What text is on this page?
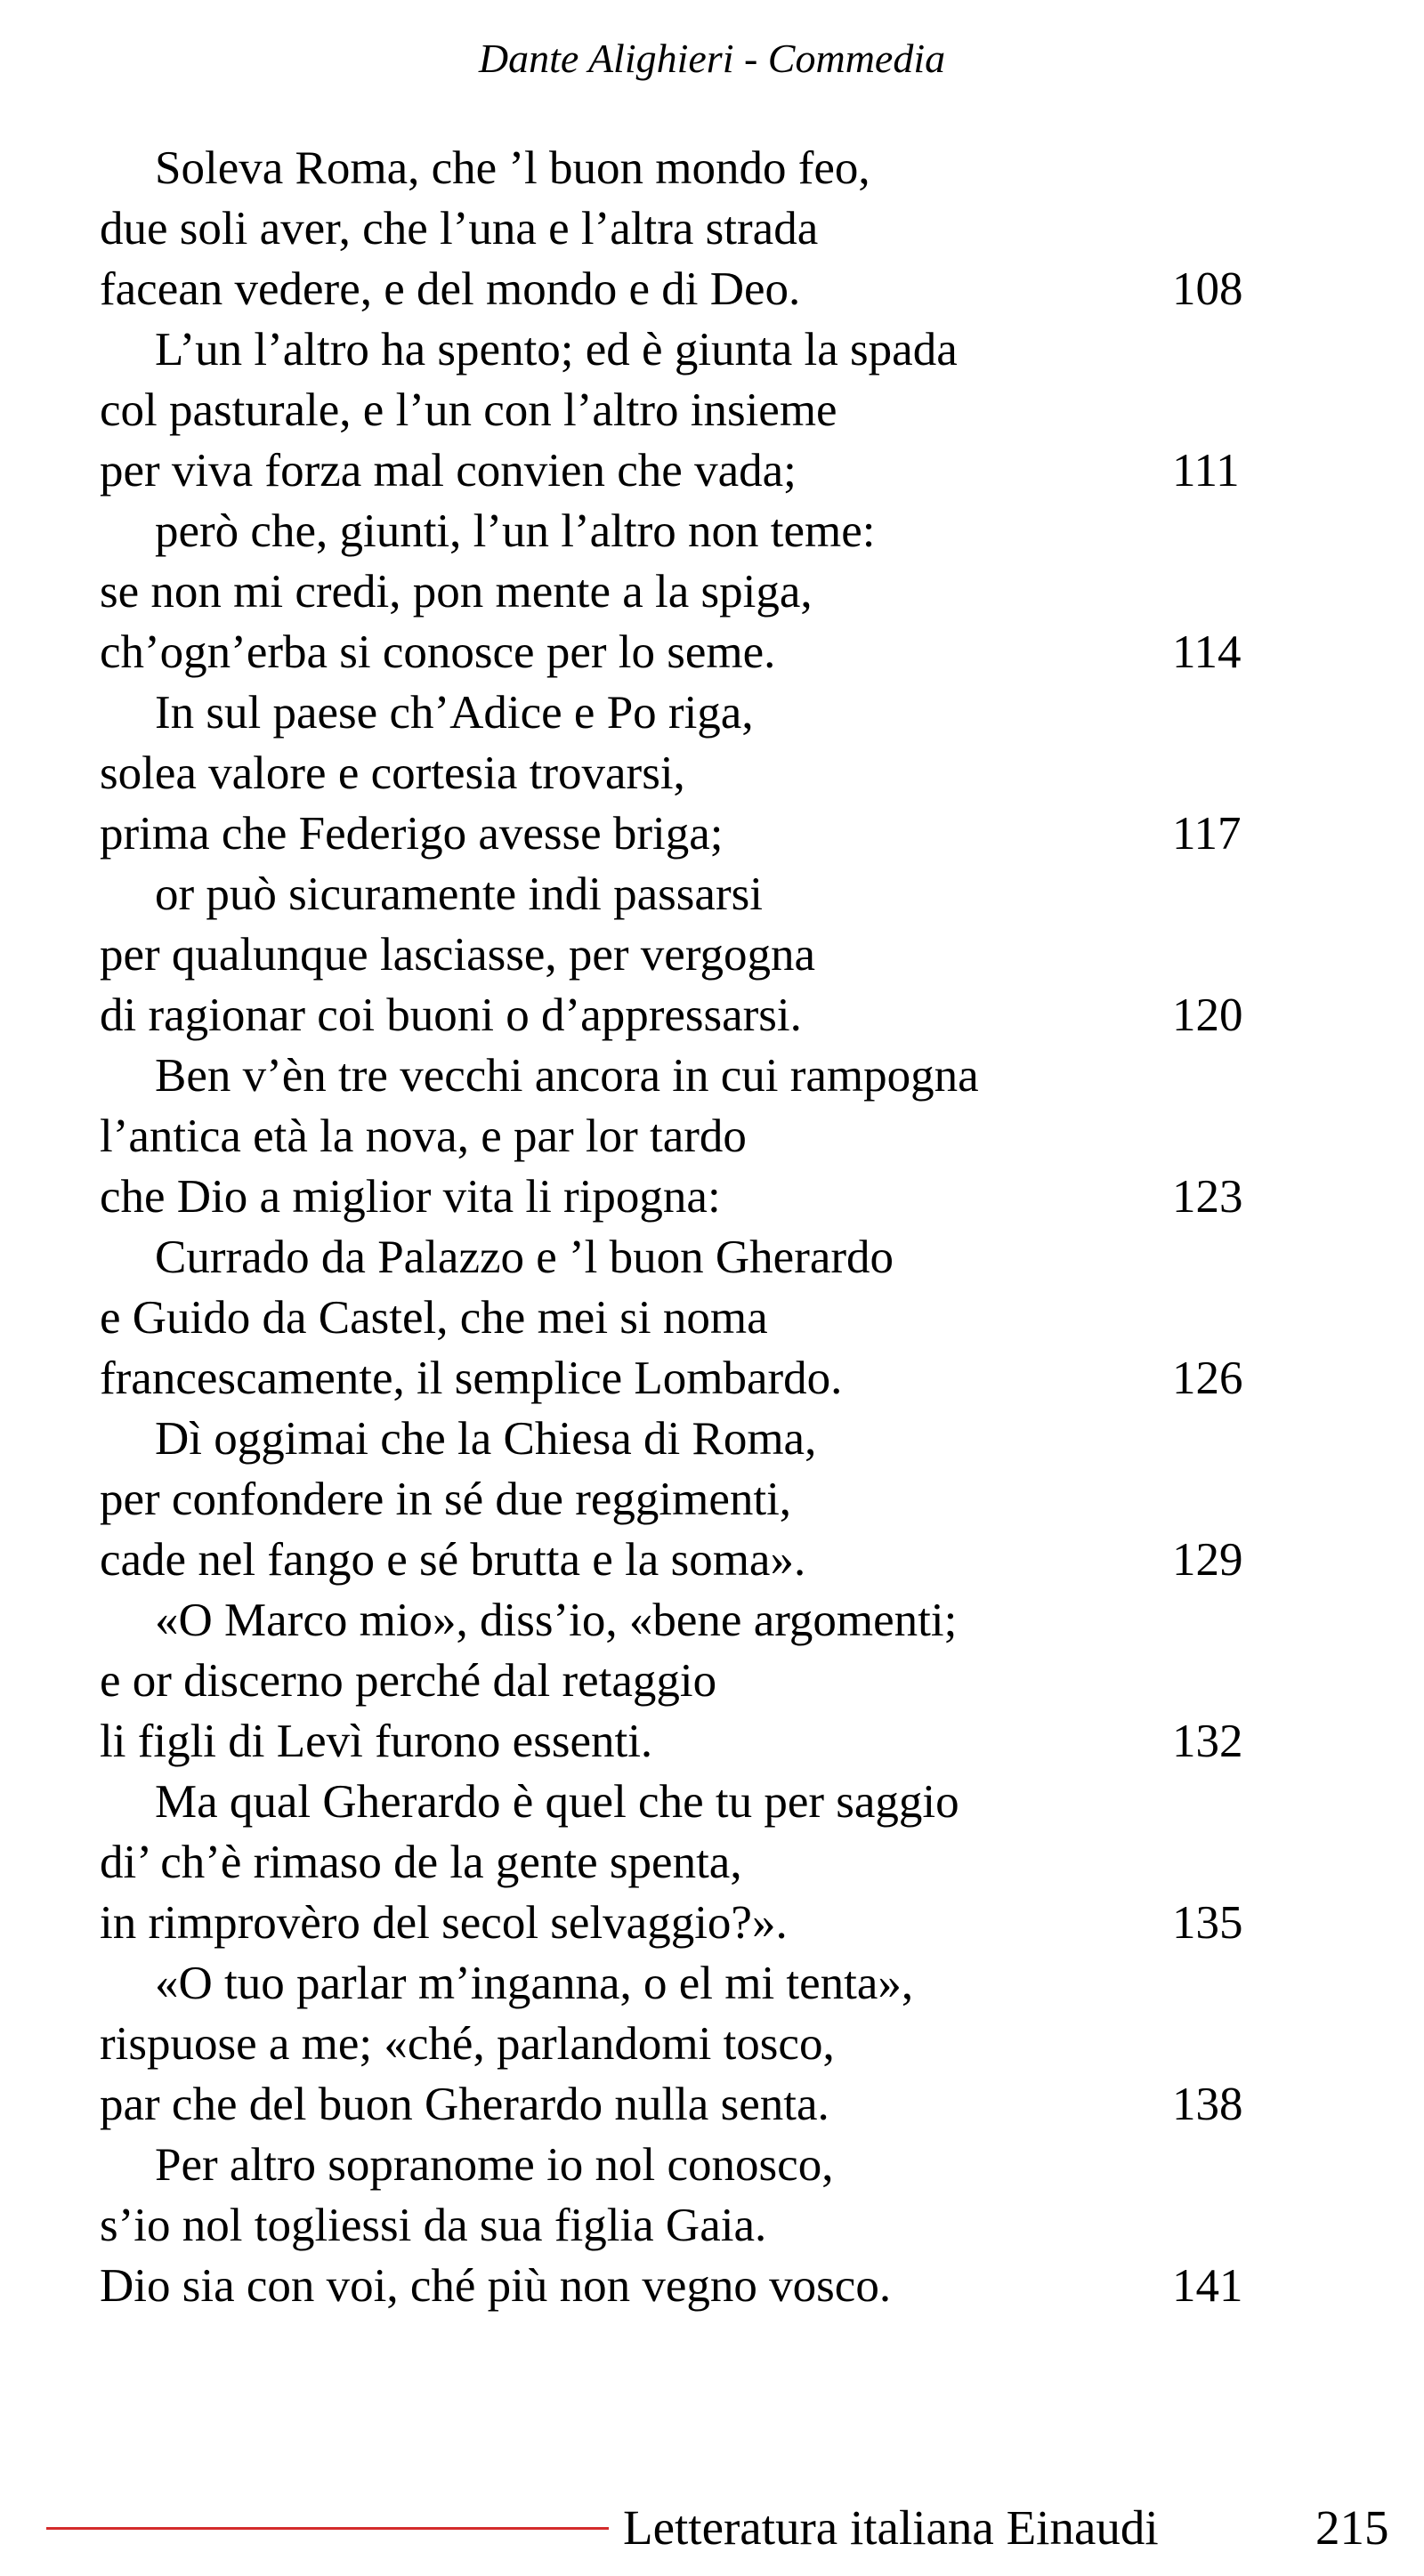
Dante Alighieri - Commedia
Soleva Roma, che ’l buon mondo feo,
due soli aver, che l’una e l’altra strada
facean vedere, e del mondo e di Deo.	108
L’un l’altro ha spento; ed è giunta la spada
col pasturale, e l’un con l’altro insieme
per viva forza mal convien che vada;	111
però che, giunti, l’un l’altro non teme:
se non mi credi, pon mente a la spiga,
ch’ogn’erba si conosce per lo seme.	114
In sul paese ch’Adice e Po riga,
solea valore e cortesia trovarsi,
prima che Federigo avesse briga;	117
or può sicuramente indi passarsi
per qualunque lasciasse, per vergogna
di ragionar coi buoni o d’appressarsi.	120
Ben v’èn tre vecchi ancora in cui rampogna
l’antica età la nova, e par lor tardo
che Dio a miglior vita li ripogna:	123
Currado da Palazzo e ’l buon Gherardo
e Guido da Castel, che mei si noma
francescamente, il semplice Lombardo.	126
Dì oggimai che la Chiesa di Roma,
per confondere in sé due reggimenti,
cade nel fango e sé brutta e la soma».	129
«O Marco mio», diss’io, «bene argomenti;
e or discerno perché dal retaggio
li figli di Levì furono essenti.	132
Ma qual Gherardo è quel che tu per saggio
di’ ch’è rimaso de la gente spenta,
in rimprovèro del secol selvaggio?».	135
«O tuo parlar m’inganna, o el mi tenta»,
rispuose a me; «ché, parlandomi tosco,
par che del buon Gherardo nulla senta.	138
Per altro sopranome io nol conosco,
s’io nol togliessi da sua figlia Gaia.
Dio sia con voi, ché più non vegno vosco.	141
Letteratura italiana Einaudi	215
